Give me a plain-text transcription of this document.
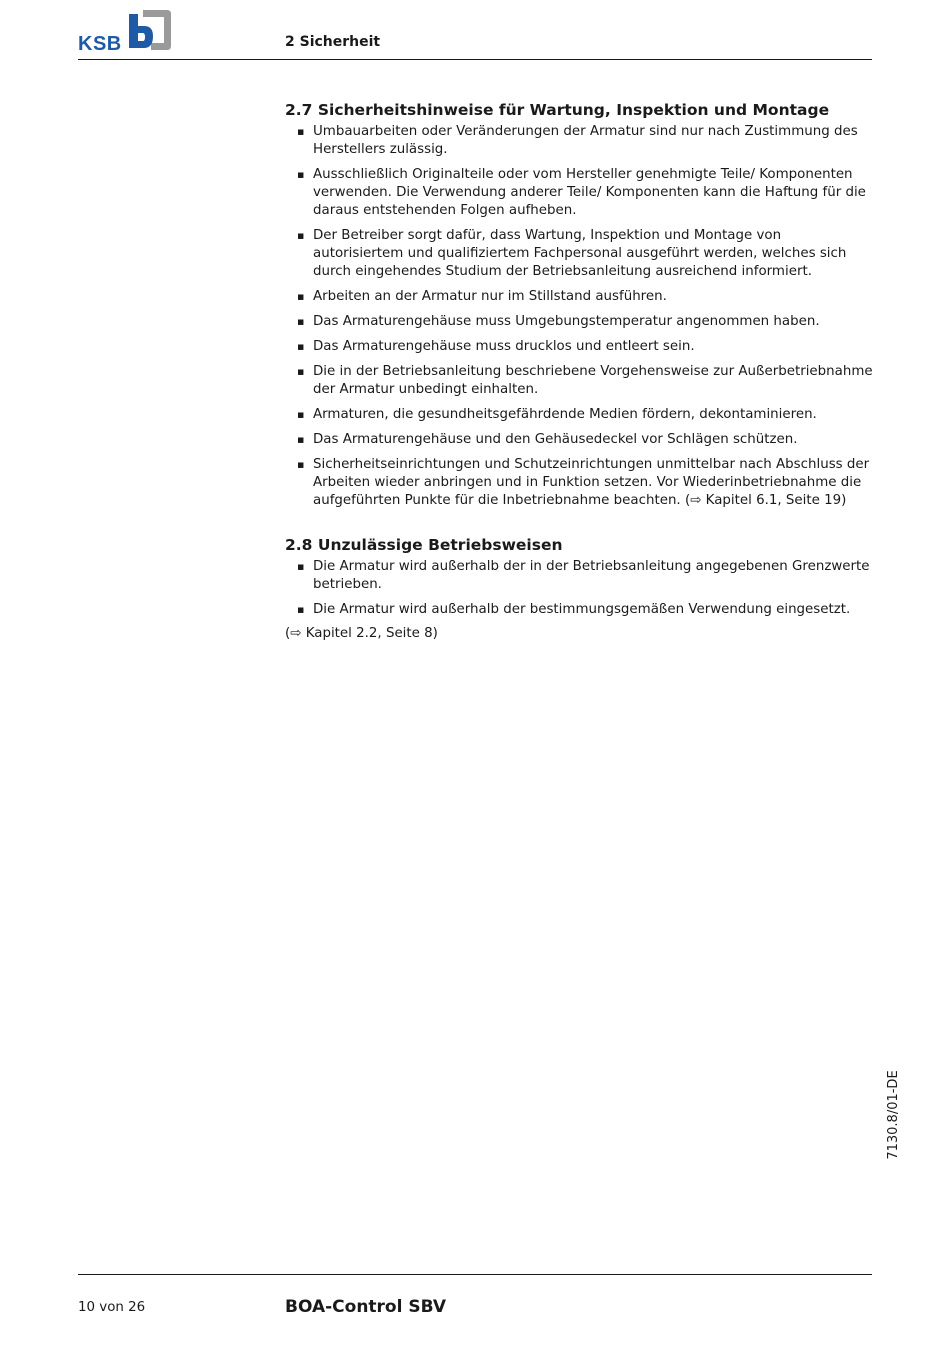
KSB	2 Sicherheit
2.7 Sicherheitshinweise für Wartung, Inspektion und Montage
▪ Umbauarbeiten oder Veränderungen der Armatur sind nur nach Zustimmung des Herstellers zulässig.
▪ Ausschließlich Originalteile oder vom Hersteller genehmigte Teile/ Komponenten verwenden. Die Verwendung anderer Teile/ Komponenten kann die Haftung für die daraus entstehenden Folgen aufheben.
▪ Der Betreiber sorgt dafür, dass Wartung, Inspektion und Montage von autorisiertem und qualifiziertem Fachpersonal ausgeführt werden, welches sich durch eingehendes Studium der Betriebsanleitung ausreichend informiert.
▪ Arbeiten an der Armatur nur im Stillstand ausführen.
▪ Das Armaturengehäuse muss Umgebungstemperatur angenommen haben.
▪ Das Armaturengehäuse muss drucklos und entleert sein.
▪ Die in der Betriebsanleitung beschriebene Vorgehensweise zur Außerbetriebnahme der Armatur unbedingt einhalten.
▪ Armaturen, die gesundheitsgefährdende Medien fördern, dekontaminieren.
▪ Das Armaturengehäuse und den Gehäusedeckel vor Schlägen schützen.
▪ Sicherheitseinrichtungen und Schutzeinrichtungen unmittelbar nach Abschluss der Arbeiten wieder anbringen und in Funktion setzen. Vor Wiederinbetriebnahme die aufgeführten Punkte für die Inbetriebnahme beachten. (⇨ Kapitel 6.1, Seite 19)
2.8 Unzulässige Betriebsweisen
▪ Die Armatur wird außerhalb der in der Betriebsanleitung angegebenen Grenzwerte betrieben.
▪ Die Armatur wird außerhalb der bestimmungsgemäßen Verwendung eingesetzt.
(⇨ Kapitel 2.2, Seite 8)
7130.8/01-DE
10 von 26	BOA-Control SBV
